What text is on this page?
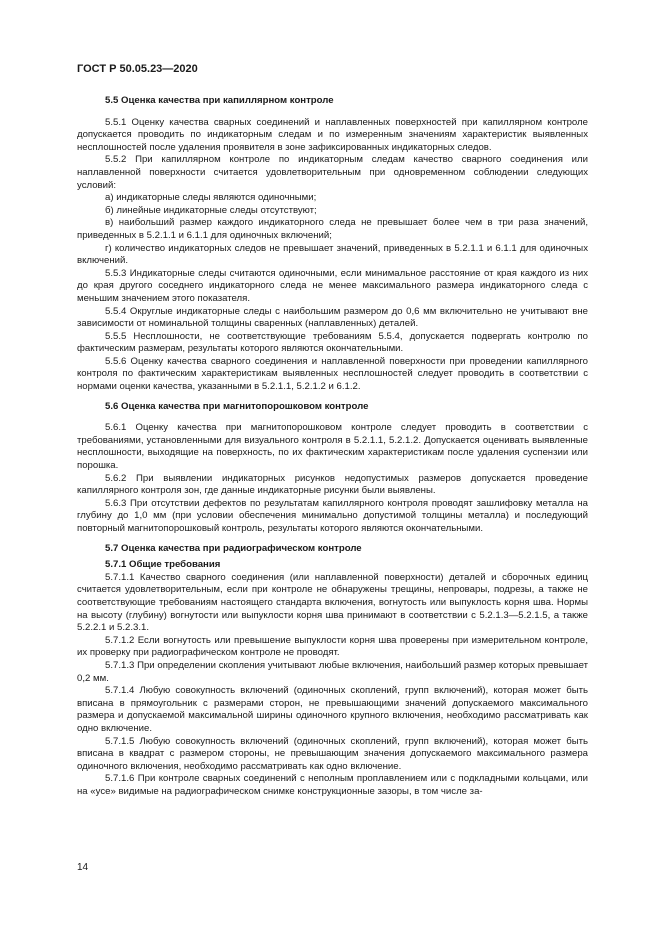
ГОСТ Р 50.05.23—2020

5.5 Оценка качества при капиллярном контроле

5.5.1 Оценку качества сварных соединений и наплавленных поверхностей при капиллярном контроле допускается проводить по индикаторным следам и по измеренным значениям характеристик выявленных несплошностей после удаления проявителя в зоне зафиксированных индикаторных следов.

5.5.2 При капиллярном контроле по индикаторным следам качество сварного соединения или наплавленной поверхности считается удовлетворительным при одновременном соблюдении следующих условий:

а) индикаторные следы являются одиночными;

б) линейные индикаторные следы отсутствуют;

в) наибольший размер каждого индикаторного следа не превышает более чем в три раза значений, приведенных в 5.2.1.1 и 6.1.1 для одиночных включений;

г) количество индикаторных следов не превышает значений, приведенных в 5.2.1.1 и 6.1.1 для одиночных включений.

5.5.3 Индикаторные следы считаются одиночными, если минимальное расстояние от края каждого из них до края другого соседнего индикаторного следа не менее максимального размера индикаторного следа с меньшим значением этого показателя.

5.5.4 Округлые индикаторные следы с наибольшим размером до 0,6 мм включительно не учитывают вне зависимости от номинальной толщины сваренных (наплавленных) деталей.

5.5.5 Несплошности, не соответствующие требованиям 5.5.4, допускается подвергать контролю по фактическим размерам, результаты которого являются окончательными.

5.5.6 Оценку качества сварного соединения и наплавленной поверхности при проведении капиллярного контроля по фактическим характеристикам выявленных несплошностей следует проводить в соответствии с нормами оценки качества, указанными в 5.2.1.1, 5.2.1.2 и 6.1.2.

5.6 Оценка качества при магнитопорошковом контроле

5.6.1 Оценку качества при магнитопорошковом контроле следует проводить в соответствии с требованиями, установленными для визуального контроля в 5.2.1.1, 5.2.1.2. Допускается оценивать выявленные несплошности, выходящие на поверхность, по их фактическим характеристикам после удаления суспензии или порошка.

5.6.2 При выявлении индикаторных рисунков недопустимых размеров допускается проведение капиллярного контроля зон, где данные индикаторные рисунки были выявлены.

5.6.3 При отсутствии дефектов по результатам капиллярного контроля проводят зашлифовку металла на глубину до 1,0 мм (при условии обеспечения минимально допустимой толщины металла) и последующий повторный магнитопорошковый контроль, результаты которого являются окончательными.

5.7 Оценка качества при радиографическом контроле

5.7.1 Общие требования

5.7.1.1 Качество сварного соединения (или наплавленной поверхности) деталей и сборочных единиц считается удовлетворительным, если при контроле не обнаружены трещины, непровары, подрезы, а также не соответствующие требованиям настоящего стандарта включения, вогнутость или выпуклость корня шва. Нормы на высоту (глубину) вогнутости или выпуклости корня шва принимают в соответствии с 5.2.1.3—5.2.1.5, а также 5.2.2.1 и 5.2.3.1.

5.7.1.2 Если вогнутость или превышение выпуклости корня шва проверены при измерительном контроле, их проверку при радиографическом контроле не проводят.

5.7.1.3 При определении скопления учитывают любые включения, наибольший размер которых превышает 0,2 мм.

5.7.1.4 Любую совокупность включений (одиночных скоплений, групп включений), которая может быть вписана в прямоугольник с размерами сторон, не превышающими значений допускаемого максимального размера и допускаемой максимальной ширины одиночного крупного включения, необходимо рассматривать как одно включение.

5.7.1.5 Любую совокупность включений (одиночных скоплений, групп включений), которая может быть вписана в квадрат с размером стороны, не превышающим значения допускаемого максимального размера одиночного включения, необходимо рассматривать как одно включение.

5.7.1.6 При контроле сварных соединений с неполным проплавлением или с подкладными кольцами, или на «усе» видимые на радиографическом снимке конструкционные зазоры, в том числе за-

14
